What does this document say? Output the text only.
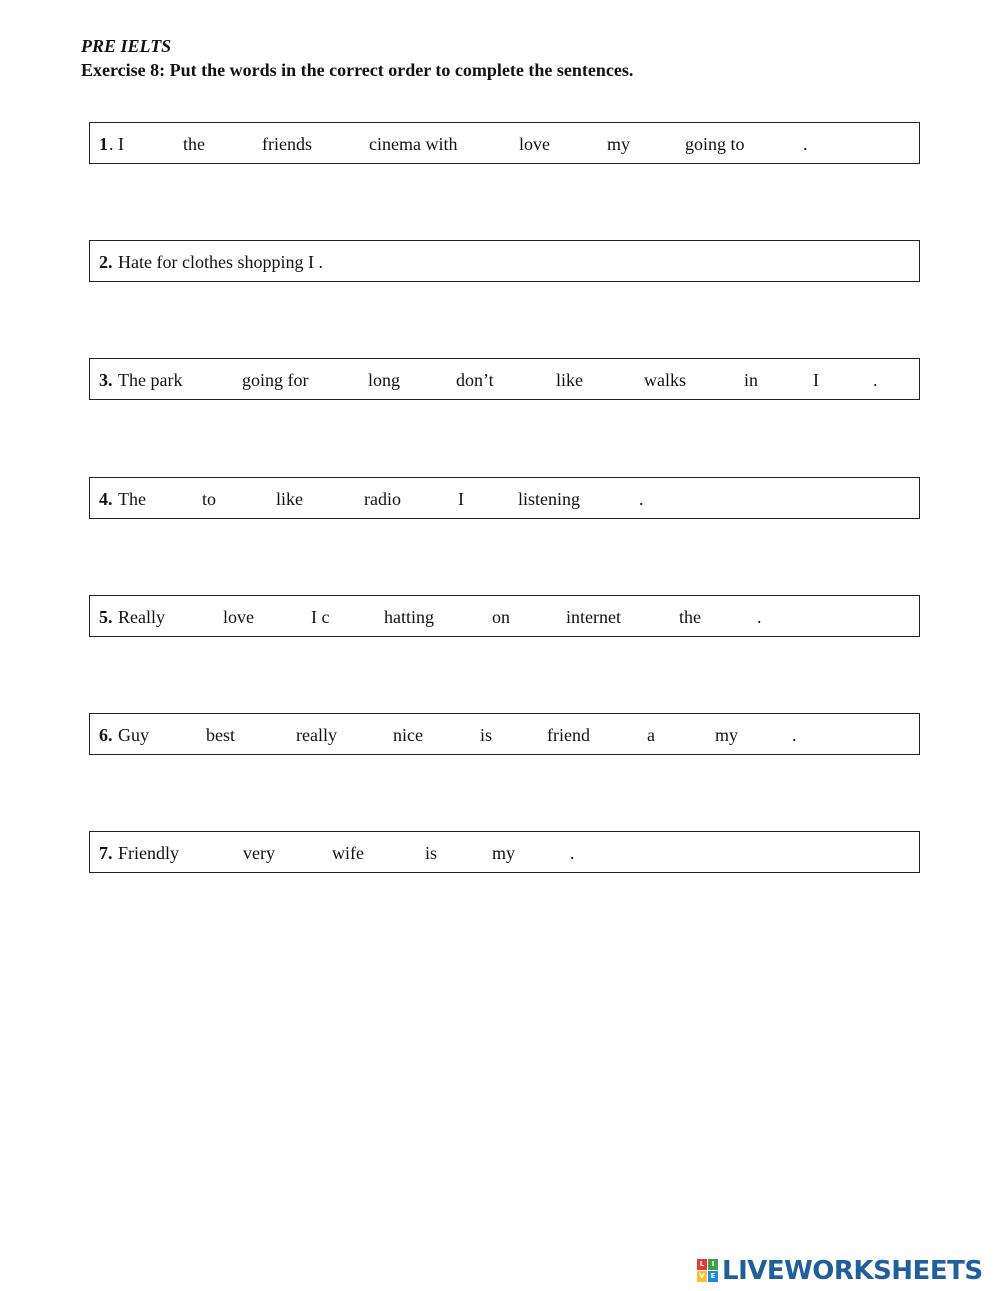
PRE IELTS
Exercise 8: Put the words in the correct order to complete the sentences.
1 . I	the	friends	cinema with	love	my	going to	.
2. Hate for clothes shopping I .
3. The park	going for	long	don’t	like	walks	in	I	.
4. The	to	like	radio	I	listening	.
5. Really	love	I c	hatting	on	internet	the	.
6. Guy	best	really	nice	is	friend	a	my	.
7. Friendly	very	wife	is	my	.
L	I
V E LIVEWORKSHEETS
